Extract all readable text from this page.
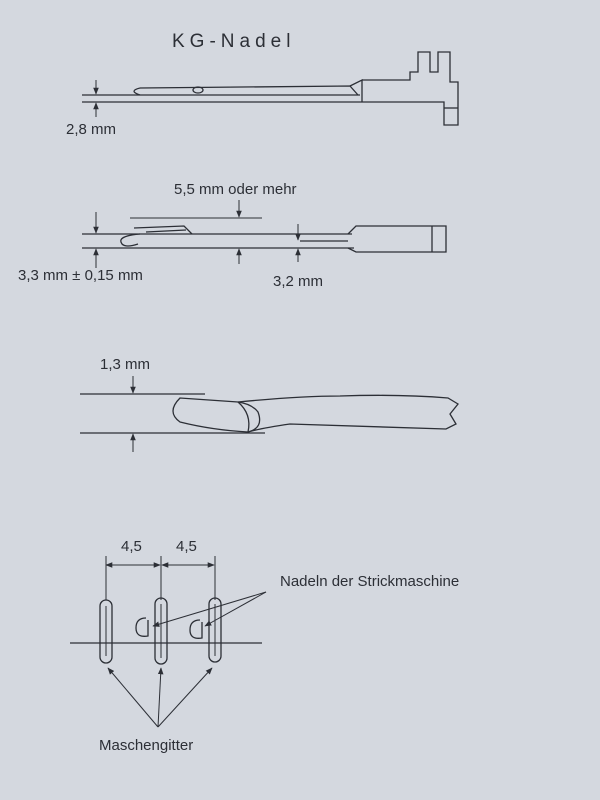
KG-Nadel
2,8 mm
5,5 mm oder mehr
3,3 mm ± 0,15 mm	3,2 mm
1,3 mm
4,5 4,5
Nadeln der Strickmaschine
Maschengitter
